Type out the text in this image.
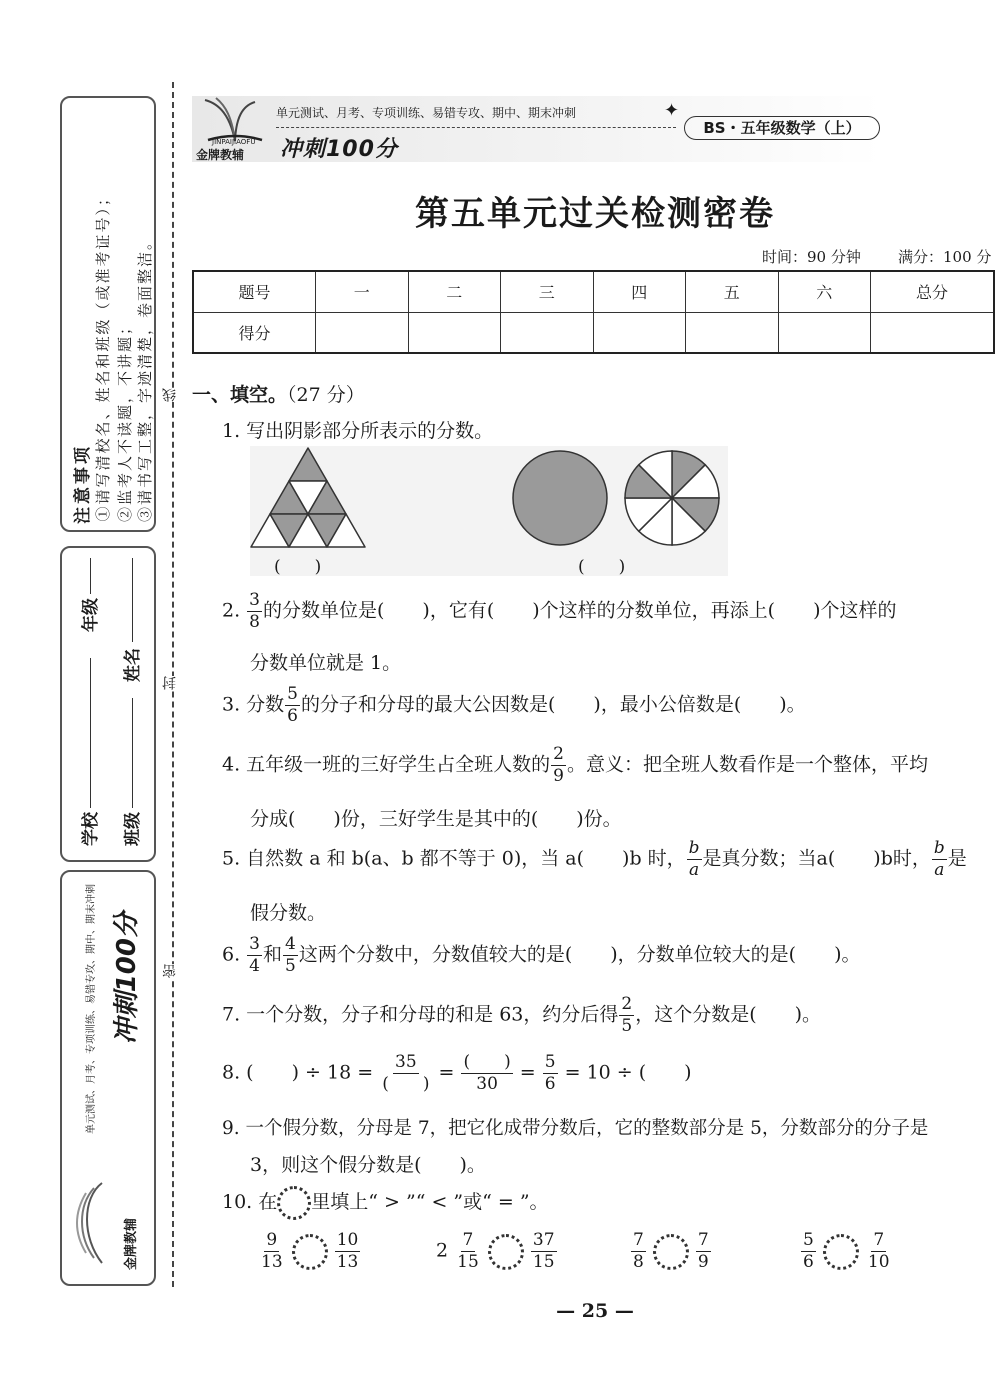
注意事项 ①请写清校名、姓名和班级（或准考证号）； ②监考人不读题，不讲题； ③请书写工整，字迹清楚，卷面整洁。
学校
年级
班级
姓名
单元测试、月考、专项训练、易错专攻、期中、期末冲刺 冲刺100分
金牌教辅
线
封
密
JINPAIJIAOFU
单元测试、月考、专项训练、易错专攻、期中、期末冲刺
金牌教辅 冲刺100分
✦
BS・五年级数学（上）
第五单元过关检测密卷
时间：90 分钟 满分：100 分
题号	一	二	三	四	五	六	总分
得分							
一、填空。（27 分）
1. 写出阴影部分所表示的分数。
(　　)	(　　)
2. $\frac{3}{8}$ 的分数单位是(　　)，它有(　　)个这样的分数单位，再添上(　　)个这样的
分数单位就是 1。
3. 分数 $\frac{5}{6}$ 的分子和分母的最大公因数是(　　)，最小公倍数是(　　)。
4. 五年级一班的三好学生占全班人数的 $\frac{2}{9}$ 。意义：把全班人数看作是一个整体，平均
分成(　　)份，三好学生是其中的(　　)份。
5. 自然数 a 和 b(a、b 都不等于 0)，当 a(　　)b 时， $\frac{b}{a}$ 是真分数；当a(　　)b时， $\frac{b}{a}$ 是
假分数。
6. $\frac{3}{4}$ 和 $\frac{4}{5}$ 这两个分数中，分数值较大的是(　　)，分数单位较大的是(　　)。
7. 一个分数，分子和分母的和是 63，约分后得 $\frac{2}{5}$ ，这个分数是(　　)。
8. (　　) ÷ $18 = \frac{35}{( )} = \frac{( )}{30} = \frac{5}{6} = 10$ ÷ (　　)
9. 一个假分数，分母是 7，把它化成带分数后，它的整数部分是 5，分数部分的分子是
3，则这个假分数是(　　)。
10. 在 里填上“ > ”“ < ”或“ = ”。
$\frac{9}{13}$
	$\frac{10}{13}$	$2 \frac{7}{15}$
	$\frac{37}{15}$	$\frac{7}{8}$
	$\frac{7}{9}$	$\frac{5}{6}$
	$\frac{7}{10}$
— 25 —
